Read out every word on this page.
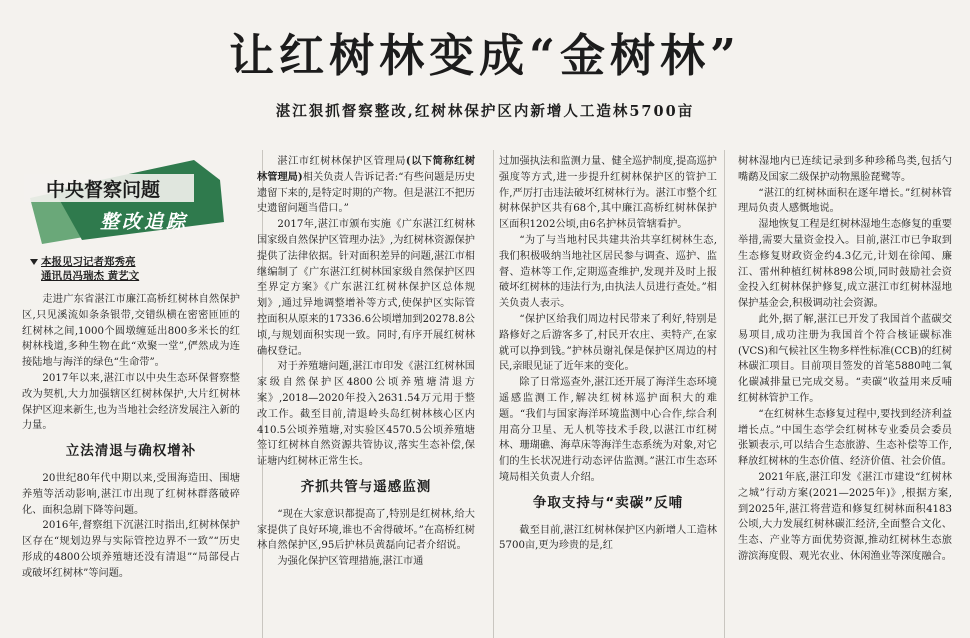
让红树林变成“金树林”
湛江狠抓督察整改,红树林保护区内新增人工造林5700亩
中央督察问题
整改追踪
本报见习记者郑秀亮
通讯员冯瑞杰 黄艺文

走进广东省湛江市廉江高桥红树林自然保护区,只见溪流如条条银带,交错纵横在密密匝匝的红树林之间,1000个圆墩缠延出800多米长的红树林栈道,多种生物在此“欢聚一堂”,俨然成为连接陆地与海洋的绿色“生命带”。

2017年以来,湛江市以中央生态环保督察整改为契机,大力加强辖区红树林保护,大片红树林保护区迎来新生,也为当地社会经济发展注入新的力量。

立法清退与确权增补

20世纪80年代中期以来,受围海造田、围塘养殖等活动影响,湛江市出现了红树林群落破碎化、面积急剧下降等问题。

2016年,督察组下沉湛江时指出,红树林保护区存在“规划边界与实际管控边界不一致”“历史形成的4800公顷养殖塘还没有清退”“局部侵占或破坏红树林”等问题。

湛江市红树林保护区管理局(以下简称红树林管理局)相关负责人告诉记者:“有些问题是历史遗留下来的,是特定时期的产物。但是湛江不把历史遗留问题当借口。”

2017年,湛江市颁布实施《广东湛江红树林国家级自然保护区管理办法》,为红树林资源保护提供了法律依据。针对面积差异的问题,湛江市相继编制了《广东湛江红树林国家级自然保护区四至界定方案》《广东湛江红树林保护区总体规划》,通过异地调整增补等方式,使保护区实际管控面积从原来的17336.6公顷增加到20278.8公顷,与规划面积实现一致。同时,有序开展红树林确权登记。

对于养殖塘问题,湛江市印发《湛江红树林国家级自然保护区4800公顷养殖塘清退方案》,2018—2020年投入2631.54万元用于整改工作。截至目前,清退岭头岛红树林核心区内410.5公顷养殖塘,对实验区4570.5公顷养殖塘签订红树林自然资源共管协议,落实生态补偿,保证塘内红树林正常生长。

齐抓共管与遥感监测

“现在大家意识都提高了,特别是红树林,给大家提供了良好环境,谁也不舍得破坏。”在高桥红树林自然保护区,95后护林员黄磊向记者介绍说。

为强化保护区管理措施,湛江市通

过加强执法和监测力量、健全巡护制度,提高巡护强度等方式,进一步提升红树林保护区的管护工作,严厉打击违法破坏红树林行为。湛江市整个红树林保护区共有68个,其中廉江高桥红树林保护区面积1202公顷,由6名护林员管辖看护。

“为了与当地村民共建共治共享红树林生态,我们积极吸纳当地社区居民参与调查、巡护、监督、造林等工作,定期巡查维护,发现并及时上报破坏红树林的违法行为,由执法人员进行查处。”相关负责人表示。

“保护区给我们周边村民带来了利好,特别是路修好之后游客多了,村民开农庄、卖特产,在家就可以挣到钱。”护林员谢礼保是保护区周边的村民,亲眼见证了近年来的变化。

除了日常巡查外,湛江还开展了海洋生态环境遥感监测工作,解决红树林巡护面积大的难题。“我们与国家海洋环境监测中心合作,综合利用高分卫星、无人机等技术手段,以湛江市红树林、珊瑚礁、海草床等海洋生态系统为对象,对它们的生长状况进行动态评估监测。”湛江市生态环境局相关负责人介绍。

争取支持与“卖碳”反哺

截至目前,湛江红树林保护区内新增人工造林5700亩,更为珍贵的是,红

树林湿地内已连续记录到多种珍稀鸟类,包括勺嘴鹬及国家二级保护动物黑脸琵鹭等。

“湛江的红树林面积在逐年增长。”红树林管理局负责人感慨地说。

湿地恢复工程是红树林湿地生态修复的重要举措,需要大量资金投入。目前,湛江市已争取到生态修复财政资金约4.3亿元,计划在徐闻、廉江、雷州种植红树林898公顷,同时鼓励社会资金投入红树林保护修复,成立湛江市红树林湿地保护基金会,积极调动社会资源。

此外,据了解,湛江已开发了我国首个蓝碳交易项目,成功注册为我国首个符合核证碳标准(VCS)和气候社区生物多样性标准(CCB)的红树林碳汇项目。目前项目签发的首笔5880吨二氧化碳减排量已完成交易。“卖碳”收益用来反哺红树林管护工作。

“在红树林生态修复过程中,要找到经济利益增长点。”中国生态学会红树林专业委员会委员张颖表示,可以结合生态旅游、生态补偿等工作,释放红树林的生态价值、经济价值、社会价值。

2021年底,湛江印发《湛江市建设“红树林之城”行动方案(2021—2025年)》,根据方案,到2025年,湛江将营造和修复红树林面积4183公顷,大力发展红树林碳汇经济,全面整合文化、生态、产业等方面优势资源,推动红树林生态旅游滨海度假、观光农业、休闲渔业等深度融合。
